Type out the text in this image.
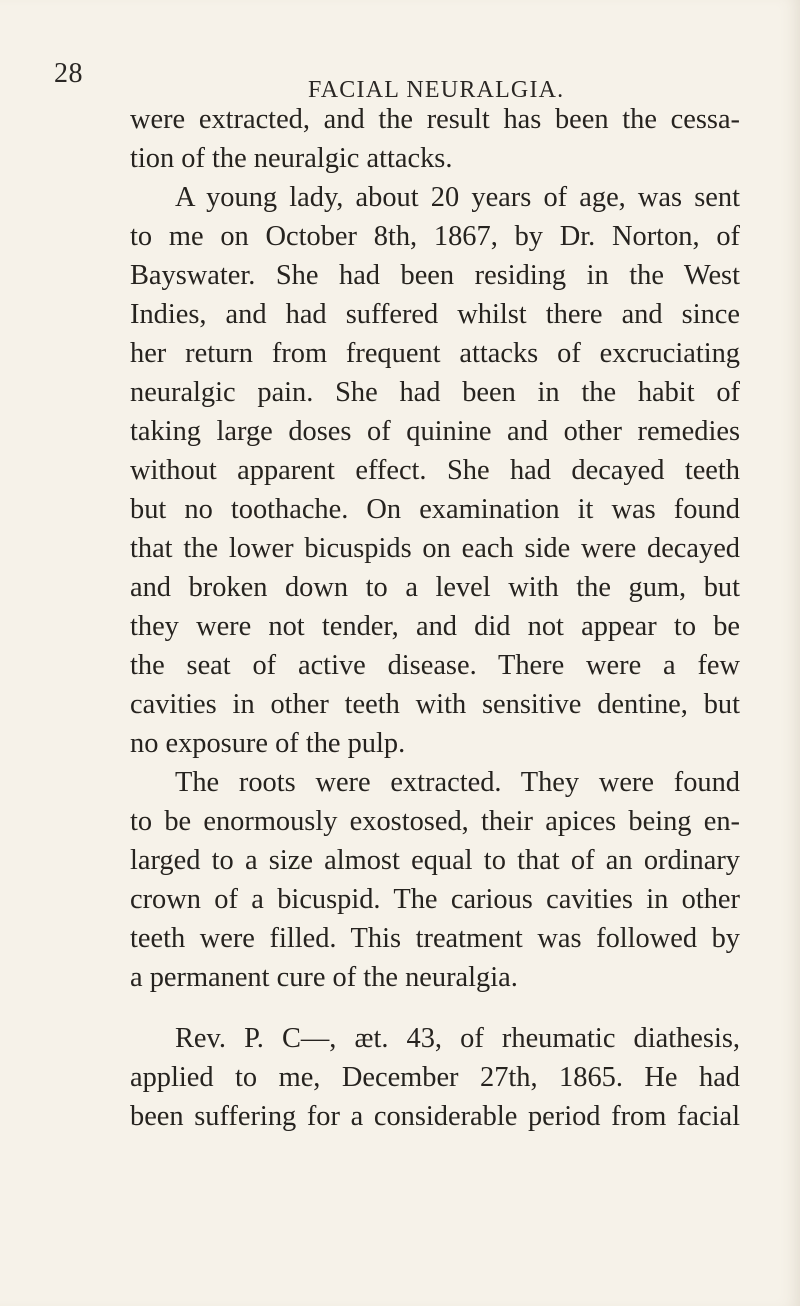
28
FACIAL NEURALGIA.
were extracted, and the result has been the cessa-
tion of the neuralgic attacks.
A young lady, about 20 years of age, was sent
to me on October 8th, 1867, by Dr. Norton, of
Bayswater. She had been residing in the West
Indies, and had suffered whilst there and since
her return from frequent attacks of excruciating
neuralgic pain. She had been in the habit of
taking large doses of quinine and other remedies
without apparent effect. She had decayed teeth
but no toothache. On examination it was found
that the lower bicuspids on each side were decayed
and broken down to a level with the gum, but
they were not tender, and did not appear to be
the seat of active disease. There were a few
cavities in other teeth with sensitive dentine, but
no exposure of the pulp.
The roots were extracted. They were found
to be enormously exostosed, their apices being en-
larged to a size almost equal to that of an ordinary
crown of a bicuspid. The carious cavities in other
teeth were filled. This treatment was followed by
a permanent cure of the neuralgia.
Rev. P. C—, æt. 43, of rheumatic diathesis,
applied to me, December 27th, 1865. He had
been suffering for a considerable period from facial
